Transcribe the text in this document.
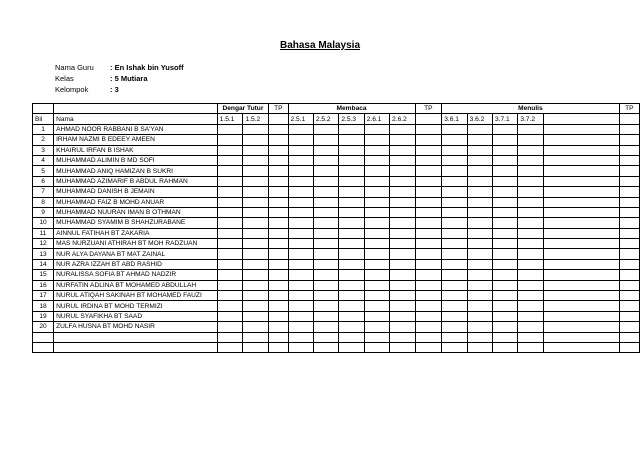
Bahasa Malaysia
Nama Guru	: En Ishak bin Yusoff
Kelas	: 5 Mutiara
Kelompok	: 3
		Dengar Tutur		TP	Membaca					TP	Menulis					TP
Bil	Nama	1.5.1	1.5.2		2.5.1	2.5.2	2.5.3	2.6.1	2.6.2		3.6.1	3.6.2	3.7.1	3.7.2		
1	AHMAD NOOR RABBANI B SA'YAN															
2	IRHAM NAZMI B EDEEY AMEEN															
3	KHAIRUL IRFAN B ISHAK															
4	MUHAMMAD ALIMIN B MD SOFI															
5	MUHAMMAD ANIQ HAMIZAN B SUKRI															
6	MUHAMMAD AZIMARIF B ABDUL RAHMAN															
7	MUHAMMAD DANISH B JEMAIN															
8	MUHAMMAD FAIZ B MOHD ANUAR															
9	MUHAMMAD NUURAN IMAN B OTHMAN															
10	MUHAMMAD SYAMIM B SHAHZURABANE															
11	AINNUL FATIHAH BT ZAKARIA															
12	MAS NURZUANI ATHIRAH BT MOH RADZUAN															
13	NUR ALYA DAYANA BT MAT ZAINAL															
14	NUR AZRA IZZAH BT ABD RASHID															
15	NURALISSA SOFIA BT AHMAD NADZIR															
16	NURFATIN ADLINA BT MOHAMED ABDULLAH															
17	NURUL ATIQAH SAKINAH BT MOHAMED FAUZI															
18	NURUL IRDINA BT MOHD TERMIZI															
19	NURUL SYAFIKHA BT SAAD															
20	ZULFA HUSNA BT MOHD NASIR															
